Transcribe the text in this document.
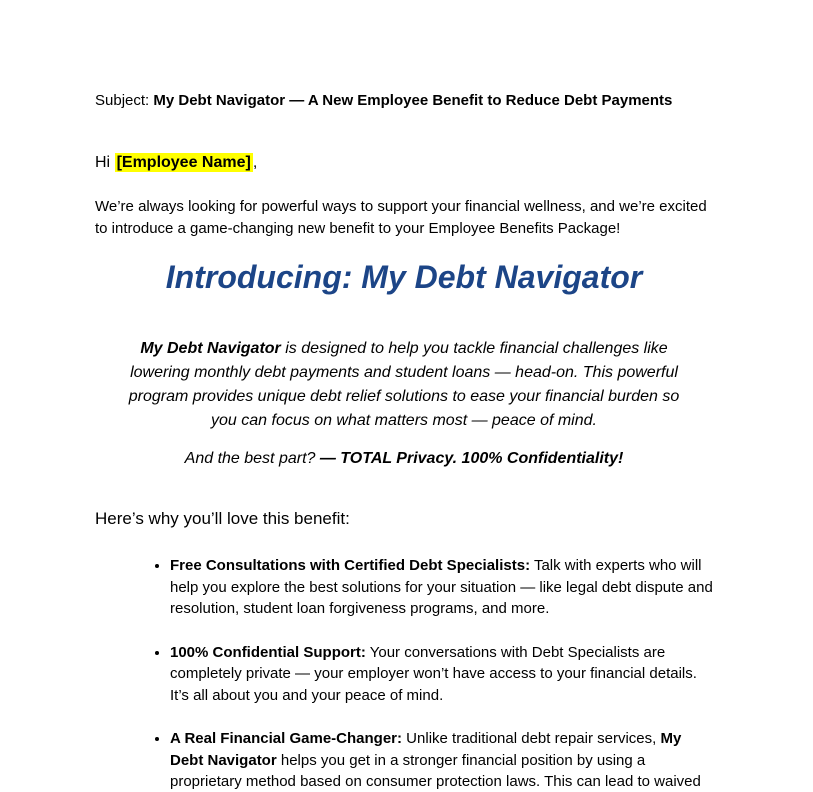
Subject: My Debt Navigator — A New Employee Benefit to Reduce Debt Payments

Hi [Employee Name] ,

We’re always looking for powerful ways to support your financial wellness, and we’re excited to introduce a game-changing new benefit to your Employee Benefits Package!

Introducing: My Debt Navigator

My Debt Navigator is designed to help you tackle financial challenges like
lowering monthly debt payments and student loans — head-on. This powerful
program provides unique debt relief solutions to ease your financial burden so
you can focus on what matters most — peace of mind.

And the best part? — TOTAL Privacy. 100% Confidentiality!

Here’s why you’ll love this benefit:

• Free Consultations with Certified Debt Specialists: Talk with experts who will help you explore the best solutions for your situation — like legal debt dispute and resolution, student loan forgiveness programs, and more.
• 100% Confidential Support: Your conversations with Debt Specialists are completely private — your employer won’t have access to your financial details. It’s all about you and your peace of mind.
• A Real Financial Game-Changer: Unlike traditional debt repair services, My Debt Navigator helps you get in a stronger financial position by using a proprietary method based on consumer protection laws. This can lead to waived
